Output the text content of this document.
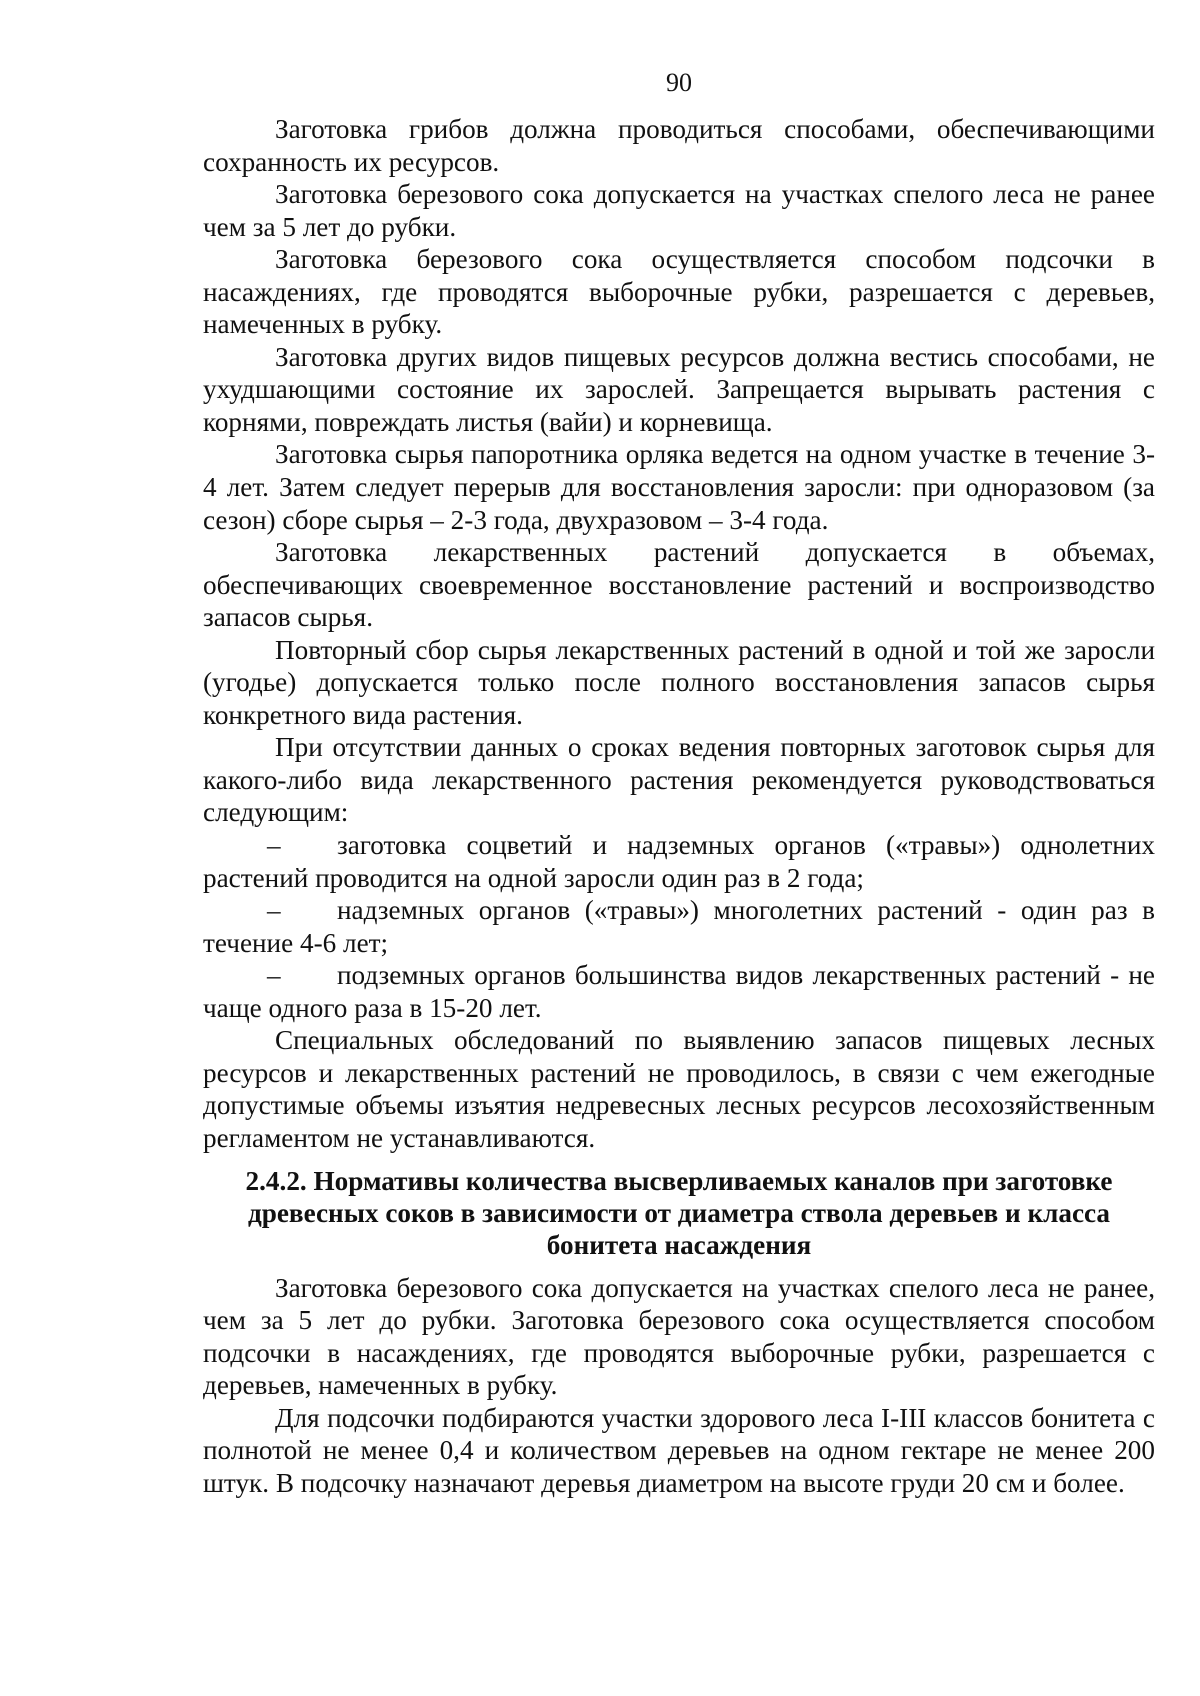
90

Заготовка грибов должна проводиться способами, обеспечивающими сохранность их ресурсов.

Заготовка березового сока допускается на участках спелого леса не ранее чем за 5 лет до рубки.

Заготовка березового сока осуществляется способом подсочки в насаждениях, где проводятся выборочные рубки, разрешается с деревьев, намеченных в рубку.

Заготовка других видов пищевых ресурсов должна вестись способами, не ухудшающими состояние их зарослей. Запрещается вырывать растения с корнями, повреждать листья (вайи) и корневища.

Заготовка сырья папоротника орляка ведется на одном участке в течение 3-4 лет. Затем следует перерыв для восстановления заросли: при одноразовом (за сезон) сборе сырья – 2-3 года, двухразовом – 3-4 года.

Заготовка лекарственных растений допускается в объемах, обеспечивающих своевременное восстановление растений и воспроизводство запасов сырья.

Повторный сбор сырья лекарственных растений в одной и той же заросли (угодье) допускается только после полного восстановления запасов сырья конкретного вида растения.

При отсутствии данных о сроках ведения повторных заготовок сырья для какого-либо вида лекарственного растения рекомендуется руководствоваться следующим:

– заготовка соцветий и надземных органов («травы») однолетних растений проводится на одной заросли один раз в 2 года;

– надземных органов («травы») многолетних растений - один раз в течение 4-6 лет;

– подземных органов большинства видов лекарственных растений - не чаще одного раза в 15-20 лет.

Специальных обследований по выявлению запасов пищевых лесных ресурсов и лекарственных растений не проводилось, в связи с чем ежегодные допустимые объемы изъятия недревесных лесных ресурсов лесохозяйственным регламентом не устанавливаются.

2.4.2. Нормативы количества высверливаемых каналов при заготовке древесных соков в зависимости от диаметра ствола деревьев и класса бонитета насаждения

Заготовка березового сока допускается на участках спелого леса не ранее, чем за 5 лет до рубки. Заготовка березового сока осуществляется способом подсочки в насаждениях, где проводятся выборочные рубки, разрешается с деревьев, намеченных в рубку.

Для подсочки подбираются участки здорового леса I-III классов бонитета с полнотой не менее 0,4 и количеством деревьев на одном гектаре не менее 200 штук. В подсочку назначают деревья диаметром на высоте груди 20 см и более.
